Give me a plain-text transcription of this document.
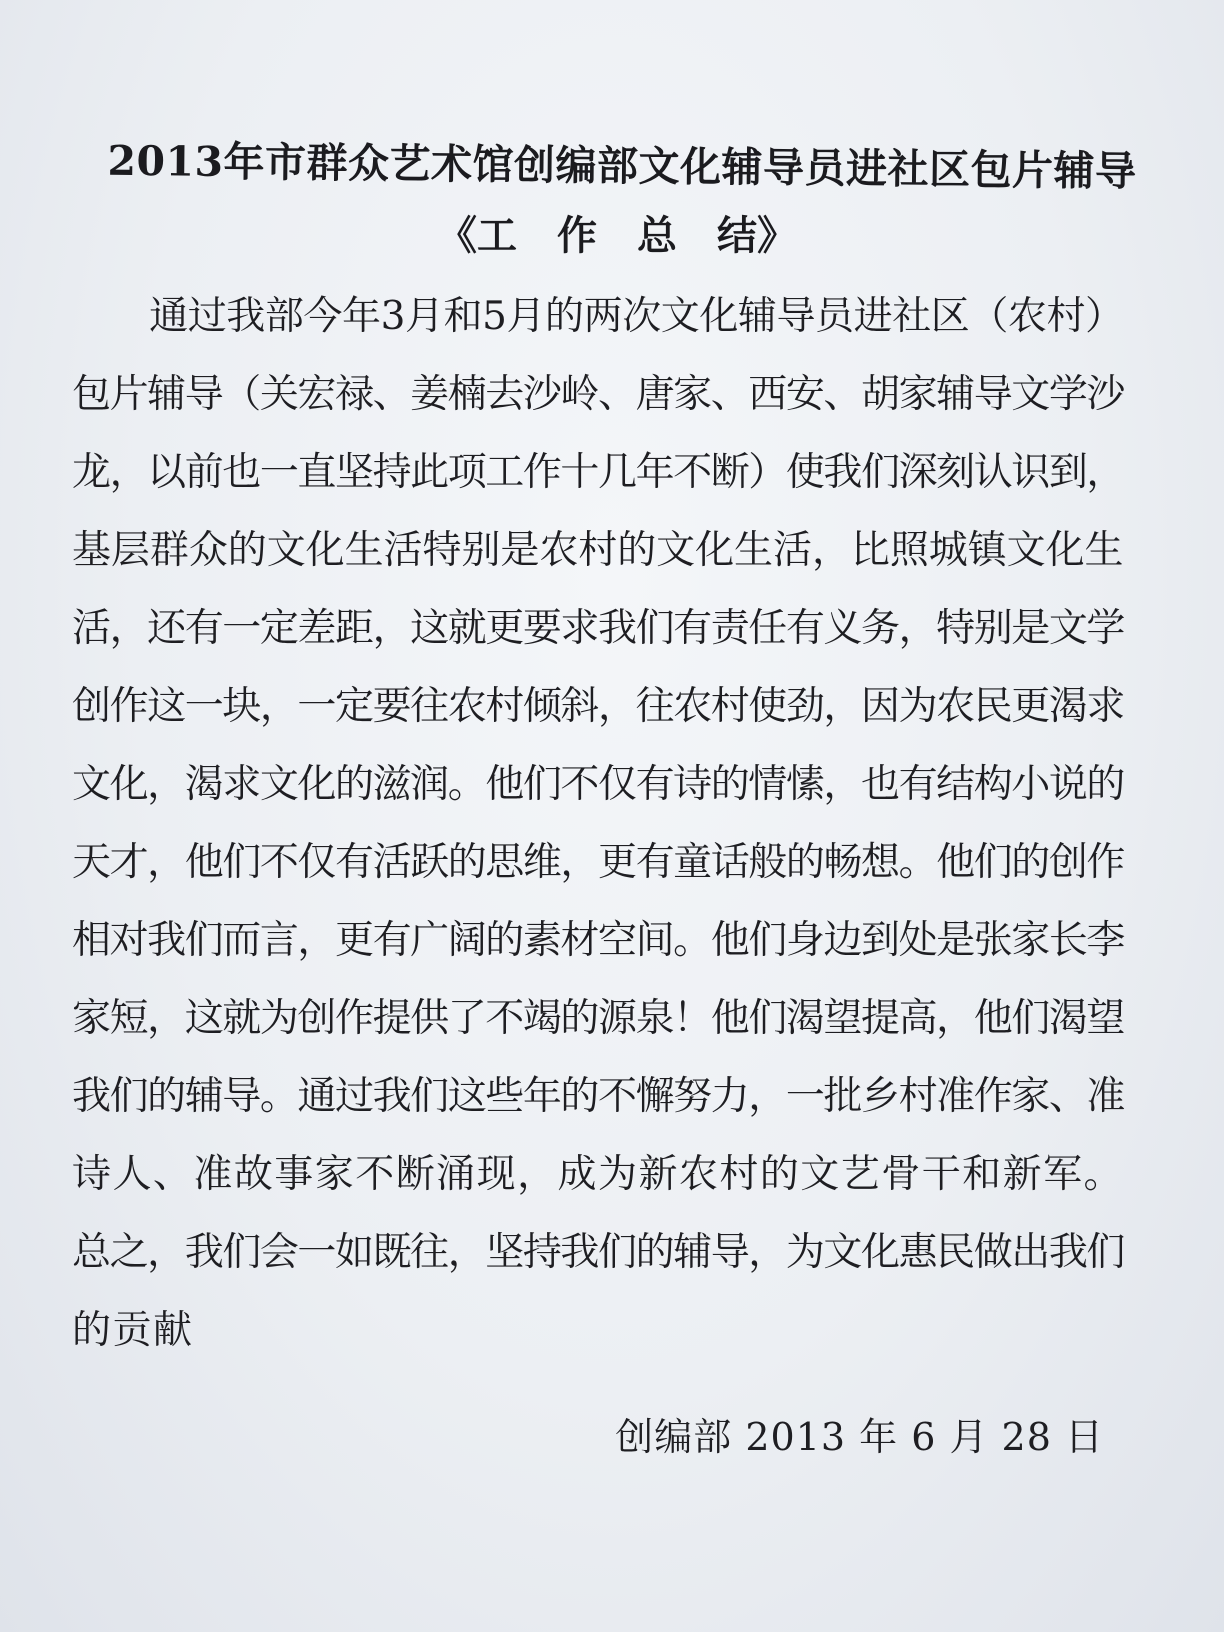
2013年市群众艺术馆创编部文化辅导员进社区包片辅导
《工　作　总　结》
　　通过我部今年3月和5月的两次文化辅导员进社区（农村）
包片辅导（关宏禄、姜楠去沙岭、唐家、西安、胡家辅导文学沙
龙，以前也一直坚持此项工作十几年不断）使我们深刻认识到，
基层群众的文化生活特别是农村的文化生活，比照城镇文化生
活，还有一定差距，这就更要求我们有责任有义务，特别是文学
创作这一块，一定要往农村倾斜，往农村使劲，因为农民更渴求
文化，渴求文化的滋润。他们不仅有诗的情愫，也有结构小说的
天才，他们不仅有活跃的思维，更有童话般的畅想。他们的创作
相对我们而言，更有广阔的素材空间。他们身边到处是张家长李
家短，这就为创作提供了不竭的源泉！他们渴望提高，他们渴望
我们的辅导。通过我们这些年的不懈努力，一批乡村准作家、准
诗人、准故事家不断涌现，成为新农村的文艺骨干和新军。
总之，我们会一如既往，坚持我们的辅导，为文化惠民做出我们
的贡献
创编部 2013 年 6 月 28 日
